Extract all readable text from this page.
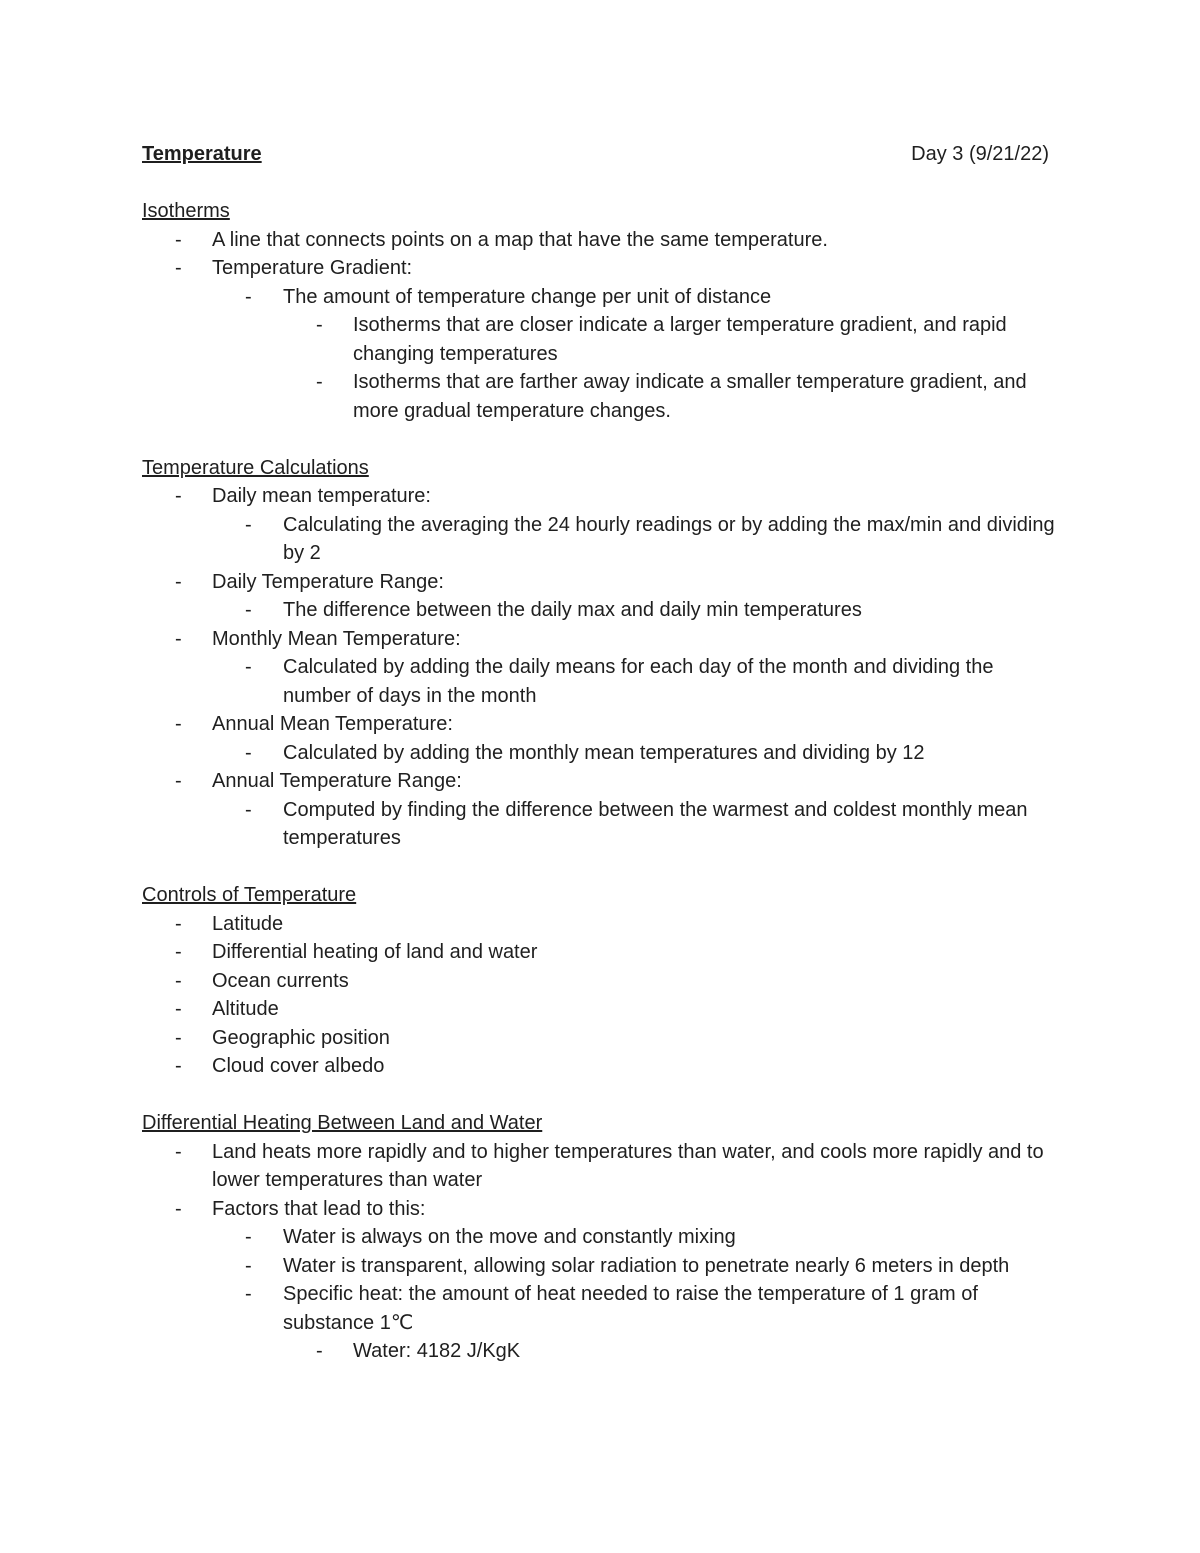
Temperature	Day 3 (9/21/22)
Isotherms
- A line that connects points on a map that have the same temperature.
- Temperature Gradient:
- The amount of temperature change per unit of distance
- Isotherms that are closer indicate a larger temperature gradient, and rapid changing temperatures
- Isotherms that are farther away indicate a smaller temperature gradient, and more gradual temperature changes.
Temperature Calculations
- Daily mean temperature:
- Calculating the averaging the 24 hourly readings or by adding the max/min and dividing by 2
- Daily Temperature Range:
- The difference between the daily max and daily min temperatures
- Monthly Mean Temperature:
- Calculated by adding the daily means for each day of the month and dividing the number of days in the month
- Annual Mean Temperature:
- Calculated by adding the monthly mean temperatures and dividing by 12
- Annual Temperature Range:
- Computed by finding the difference between the warmest and coldest monthly mean temperatures
Controls of Temperature
- Latitude
- Differential heating of land and water
- Ocean currents
- Altitude
- Geographic position
- Cloud cover albedo
Differential Heating Between Land and Water
- Land heats more rapidly and to higher temperatures than water, and cools more rapidly and to lower temperatures than water
- Factors that lead to this:
- Water is always on the move and constantly mixing
- Water is transparent, allowing solar radiation to penetrate nearly 6 meters in depth
- Specific heat: the amount of heat needed to raise the temperature of 1 gram of substance 1℃
- Water: 4182 J/KgK
